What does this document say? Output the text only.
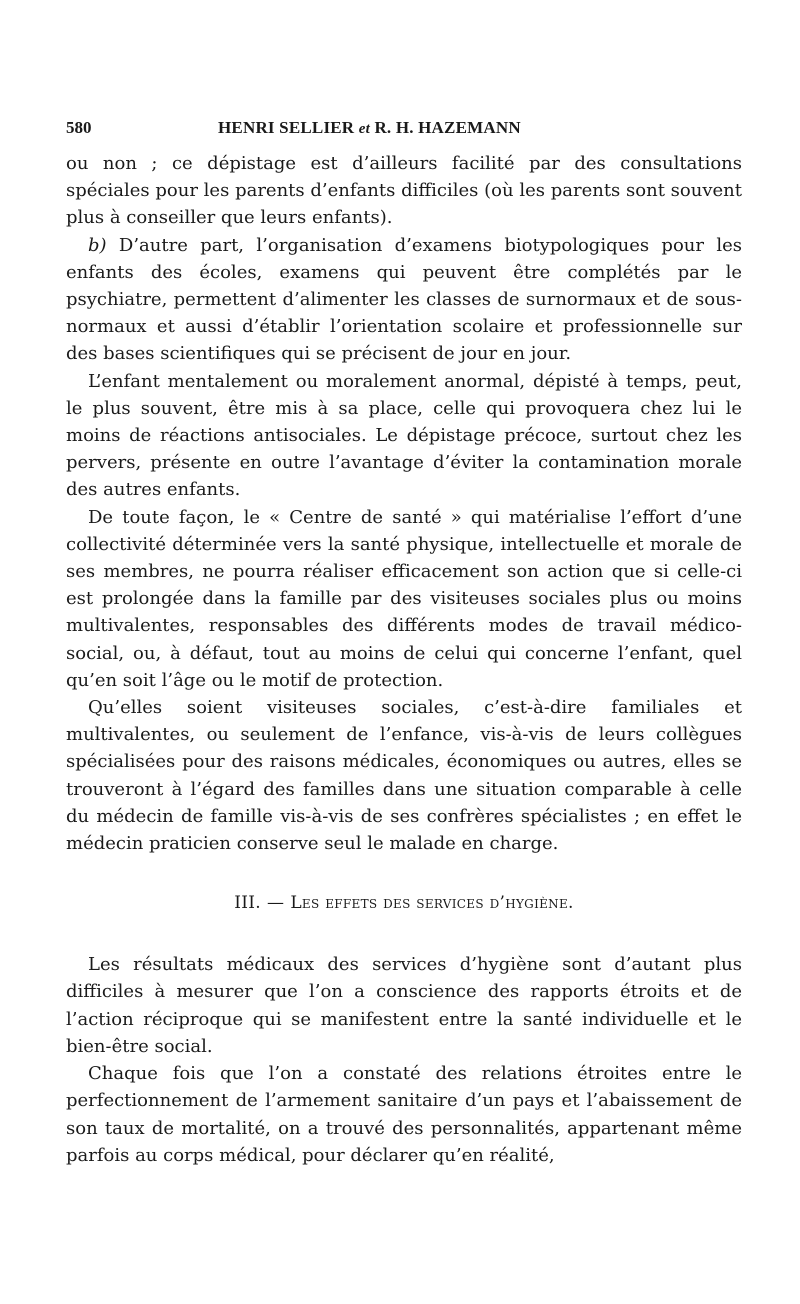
580	HENRI SELLIER et R. H. HAZEMANN

ou non ; ce dépistage est d’ailleurs facilité par des consultations spéciales pour les parents d’enfants difficiles (où les parents sont souvent plus à conseiller que leurs enfants).

b) D’autre part, l’organisation d’examens biotypologiques pour les enfants des écoles, examens qui peuvent être complétés par le psychiatre, permettent d’alimenter les classes de surnormaux et de sous-normaux et aussi d’établir l’orientation scolaire et professionnelle sur des bases scientifiques qui se précisent de jour en jour.

L’enfant mentalement ou moralement anormal, dépisté à temps, peut, le plus souvent, être mis à sa place, celle qui provoquera chez lui le moins de réactions antisociales. Le dépistage précoce, surtout chez les pervers, présente en outre l’avantage d’éviter la contamination morale des autres enfants.

De toute façon, le « Centre de santé » qui matérialise l’effort d’une collectivité déterminée vers la santé physique, intellectuelle et morale de ses membres, ne pourra réaliser efficacement son action que si celle-ci est prolongée dans la famille par des visiteuses sociales plus ou moins multivalentes, responsables des différents modes de travail médico-social, ou, à défaut, tout au moins de celui qui concerne l’enfant, quel qu’en soit l’âge ou le motif de protection.

Qu’elles soient visiteuses sociales, c’est-à-dire familiales et multivalentes, ou seulement de l’enfance, vis-à-vis de leurs collègues spécialisées pour des raisons médicales, économiques ou autres, elles se trouveront à l’égard des familles dans une situation comparable à celle du médecin de famille vis-à-vis de ses confrères spécialistes ; en effet le médecin praticien conserve seul le malade en charge.

III. — Les effets des services d’hygiène.

Les résultats médicaux des services d’hygiène sont d’autant plus difficiles à mesurer que l’on a conscience des rapports étroits et de l’action réciproque qui se manifestent entre la santé individuelle et le bien-être social.

Chaque fois que l’on a constaté des relations étroites entre le perfectionnement de l’armement sanitaire d’un pays et l’abaissement de son taux de mortalité, on a trouvé des personnalités, appartenant même parfois au corps médical, pour déclarer qu’en réalité,
